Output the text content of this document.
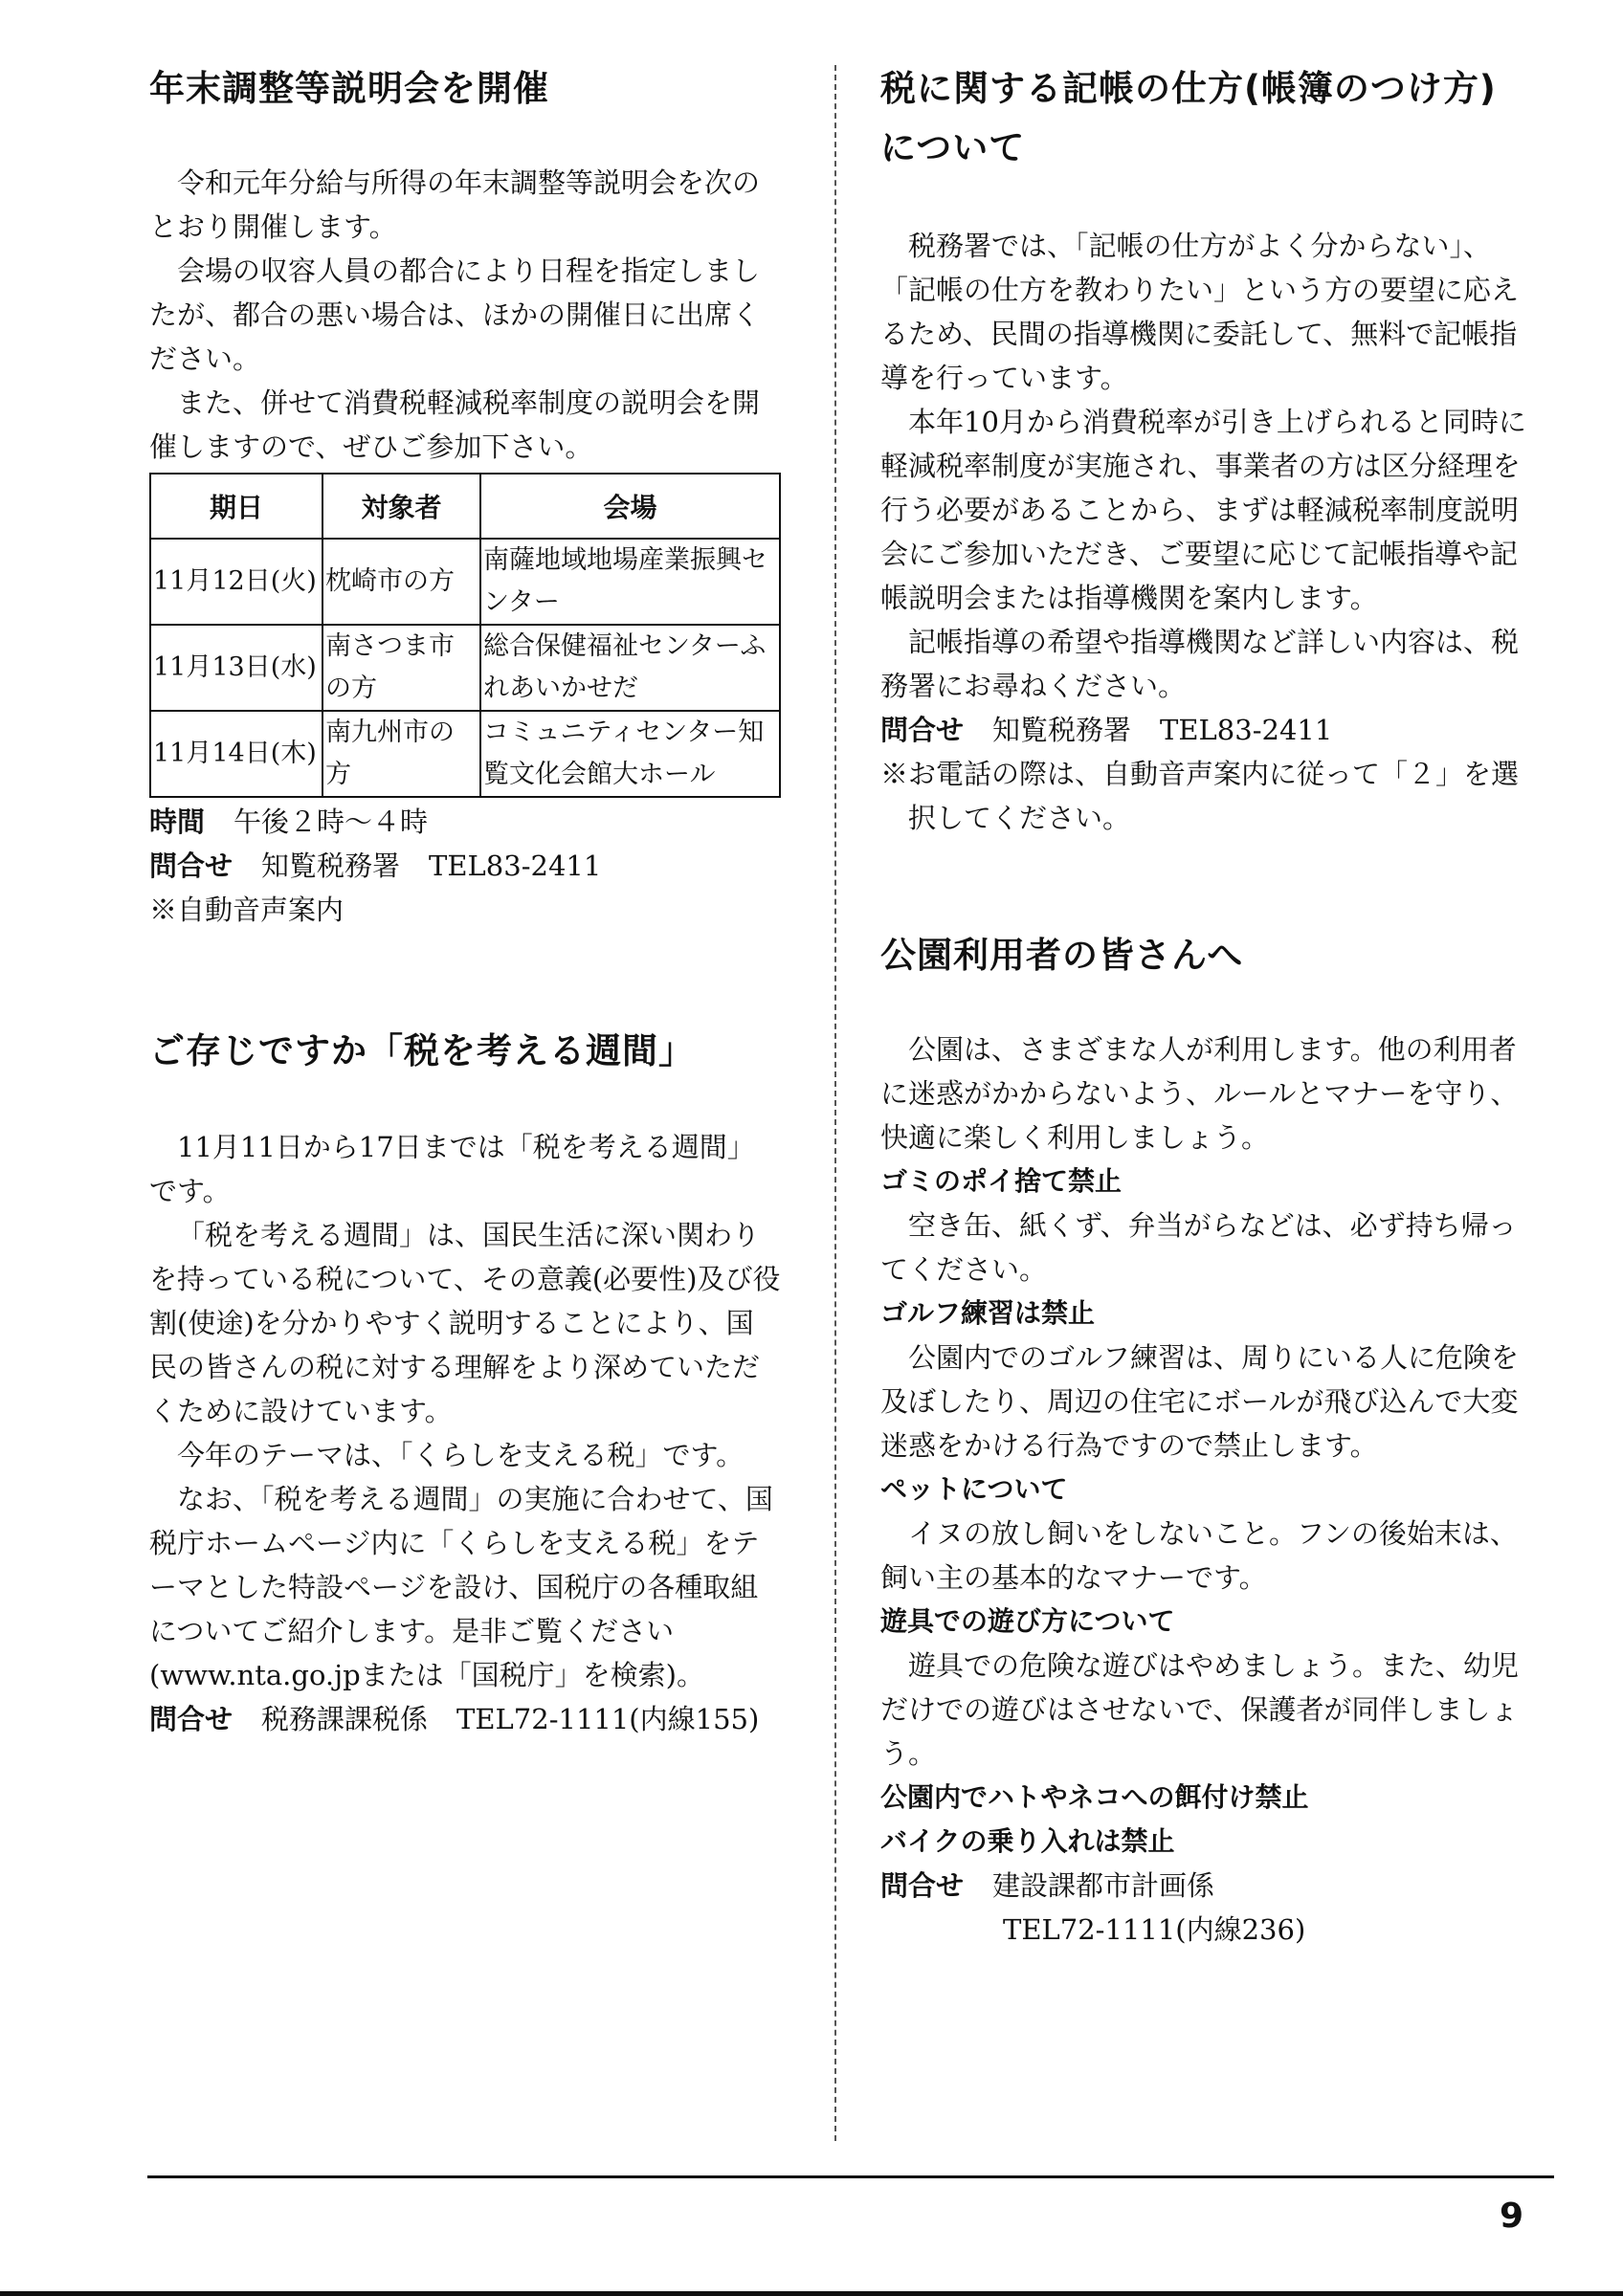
年末調整等説明会を開催

令和元年分給与所得の年末調整等説明会を次のとおり開催します。

会場の収容人員の都合により日程を指定しましたが、都合の悪い場合は、ほかの開催日に出席ください。

また、併せて消費税軽減税率制度の説明会を開催しますので、ぜひご参加下さい。

期日	対象者	会場
11月12日(火)	枕崎市の方	南薩地域地場産業振興センター
11月13日(水)	南さつま市の方	総合保健福祉センターふれあいかせだ
11月14日(木)	南九州市の方	コミュニティセンター知覧文化会館大ホール
時間 午後２時～４時
問合せ 知覧税務署 TEL83-2411

※自動音声案内

ご存じですか「税を考える週間」

11月11日から17日までは「税を考える週間」です。

「税を考える週間」は、国民生活に深い関わりを持っている税について、その意義(必要性)及び役割(使途)を分かりやすく説明することにより、国民の皆さんの税に対する理解をより深めていただくために設けています。

今年のテーマは、「くらしを支える税」です。

なお、「税を考える週間」の実施に合わせて、国税庁ホームページ内に「くらしを支える税」をテーマとした特設ページを設け、国税庁の各種取組についてご紹介します。是非ご覧ください(www.nta.go.jpまたは「国税庁」を検索)。

問合せ 税務課課税係 TEL72-1111(内線155)
税に関する記帳の仕方(帳簿のつけ方)について

税務署では、「記帳の仕方がよく分からない」、「記帳の仕方を教わりたい」という方の要望に応えるため、民間の指導機関に委託して、無料で記帳指導を行っています。

本年10月から消費税率が引き上げられると同時に軽減税率制度が実施され、事業者の方は区分経理を行う必要があることから、まずは軽減税率制度説明会にご参加いただき、ご要望に応じて記帳指導や記帳説明会または指導機関を案内します。

記帳指導の希望や指導機関など詳しい内容は、税務署にお尋ねください。

問合せ 知覧税務署 TEL83-2411

※お電話の際は、自動音声案内に従って「２」を選択してください。

公園利用者の皆さんへ

公園は、さまざまな人が利用します。他の利用者に迷惑がかからないよう、ルールとマナーを守り、快適に楽しく利用しましょう。

ゴミのポイ捨て禁止

空き缶、紙くず、弁当がらなどは、必ず持ち帰ってください。

ゴルフ練習は禁止

公園内でのゴルフ練習は、周りにいる人に危険を及ぼしたり、周辺の住宅にボールが飛び込んで大変迷惑をかける行為ですので禁止します。

ペットについて

イヌの放し飼いをしないこと。フンの後始末は、飼い主の基本的なマナーです。

遊具での遊び方について

遊具での危険な遊びはやめましょう。また、幼児だけでの遊びはさせないで、保護者が同伴しましょう。

公園内でハトやネコへの餌付け禁止
バイクの乗り入れは禁止
問合せ 建設課都市計画係
TEL72-1111(内線236)
9
